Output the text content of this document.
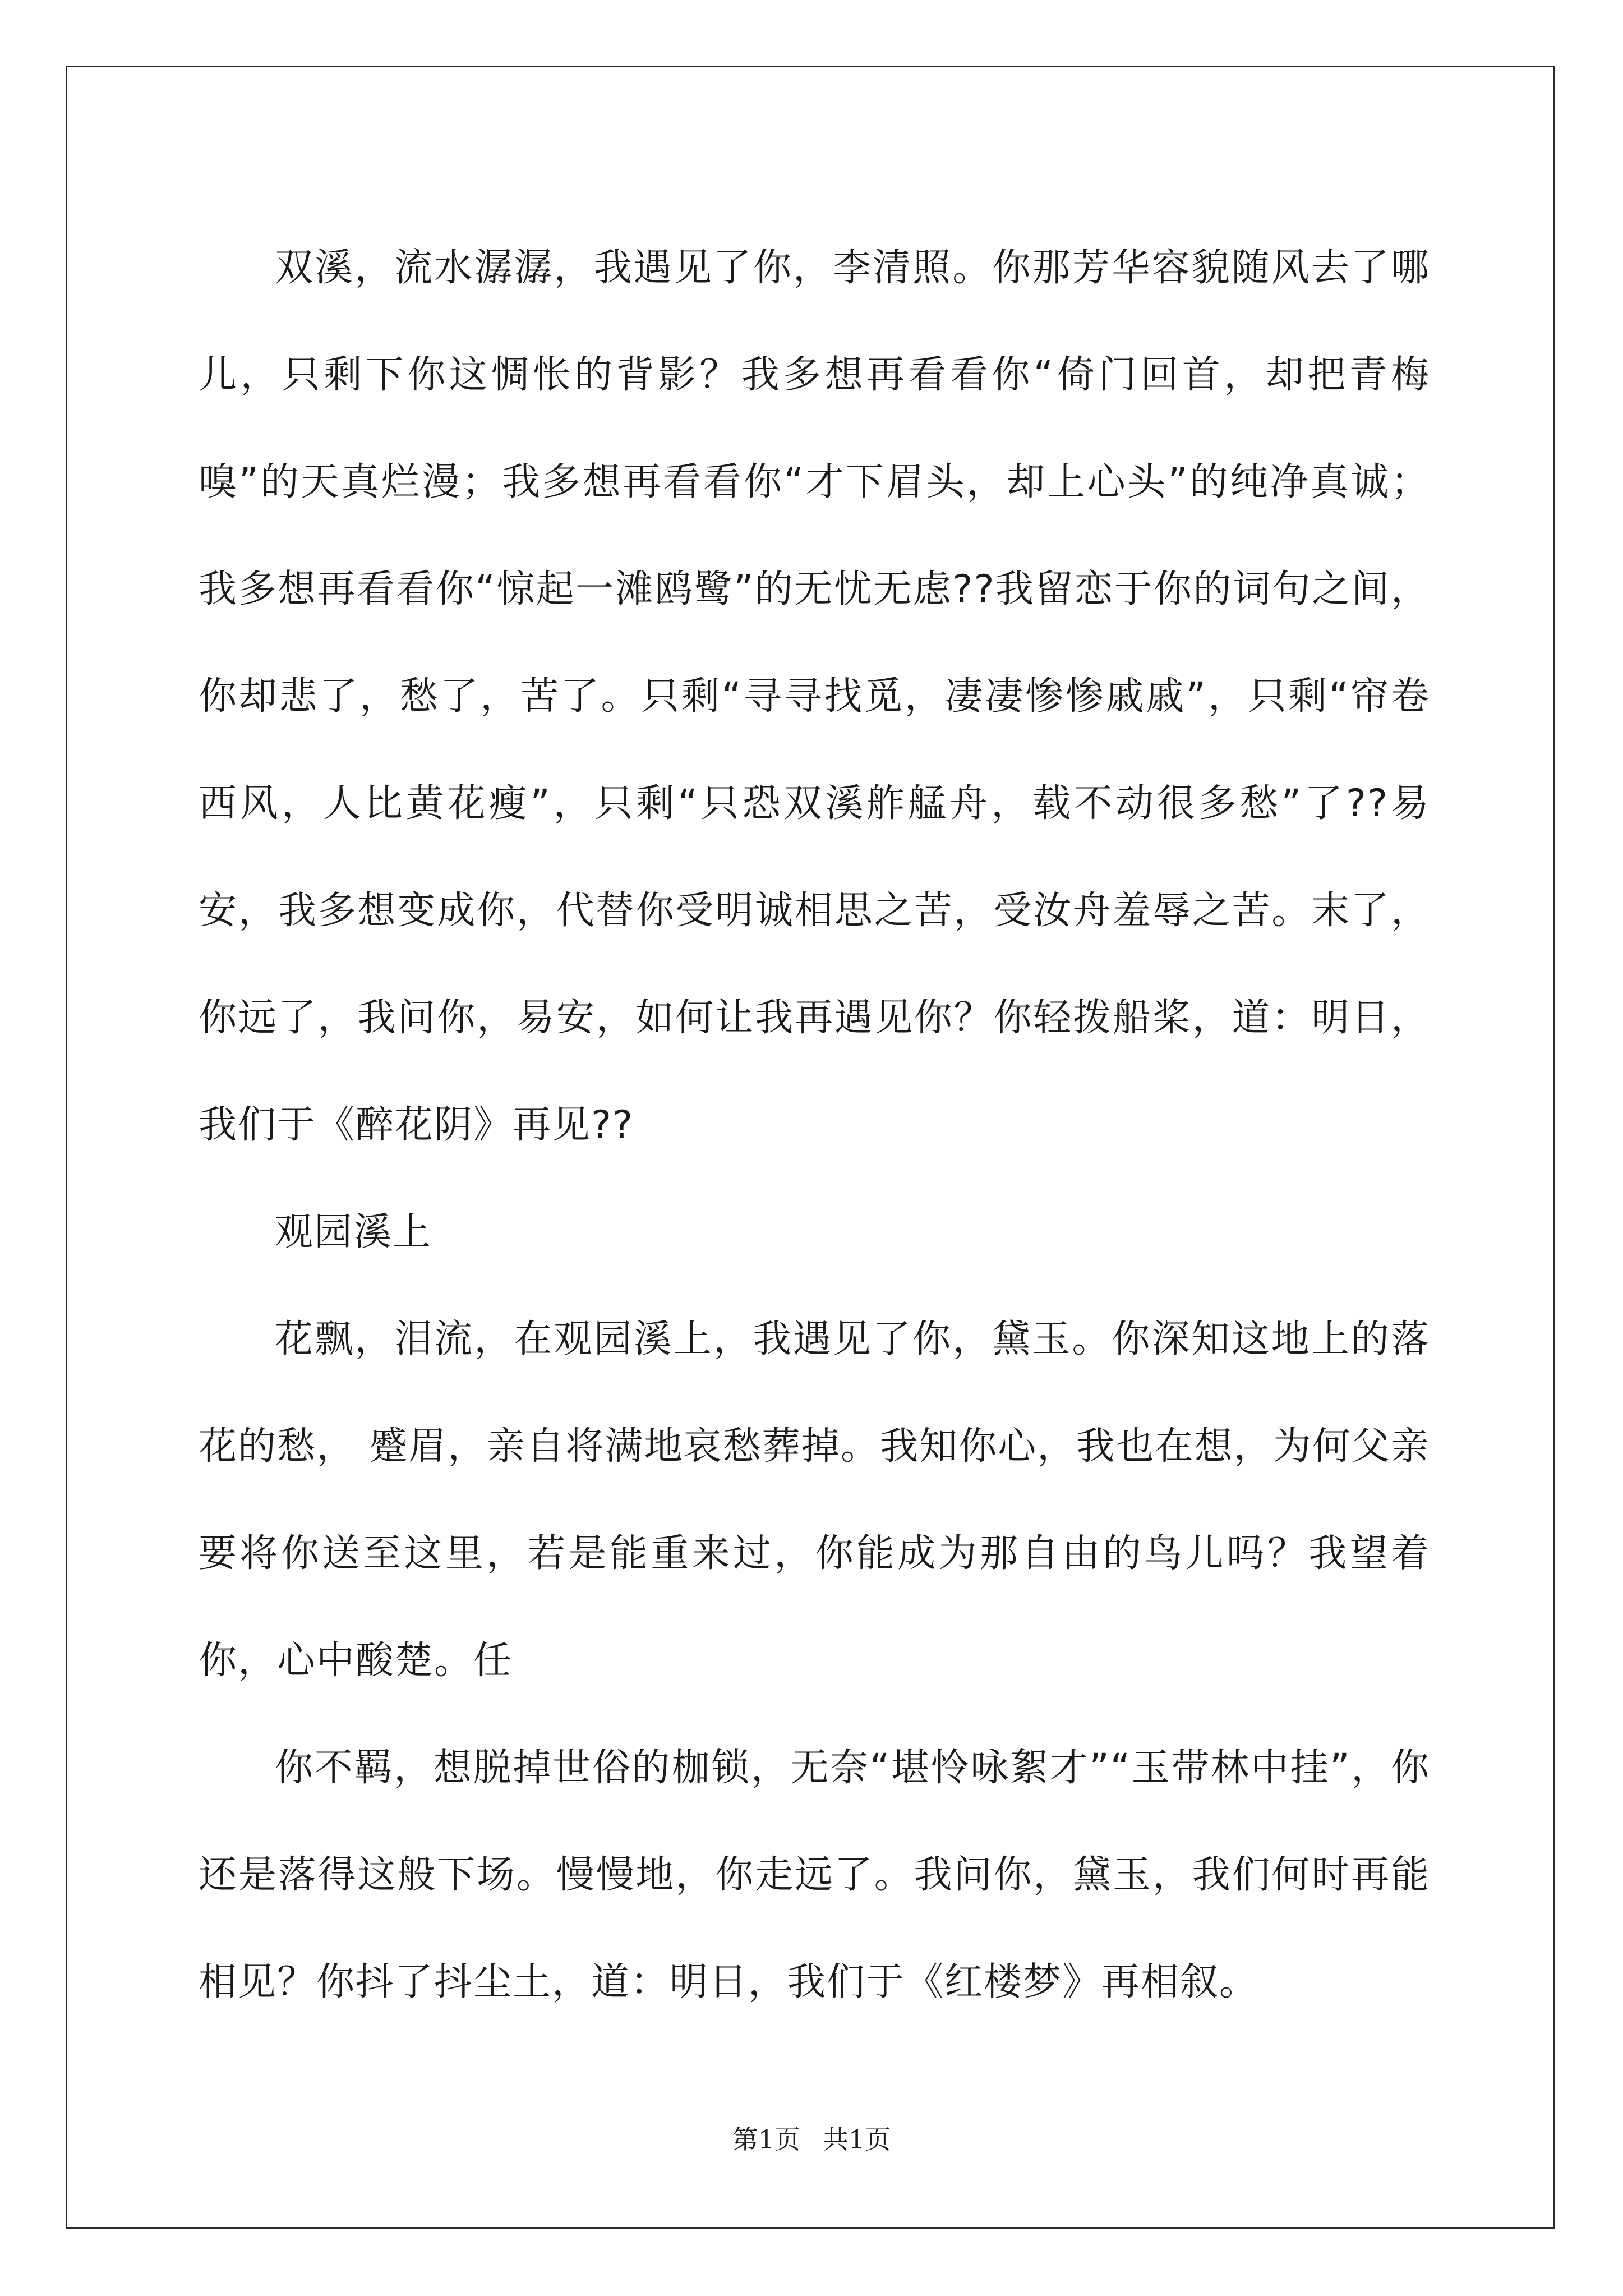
双溪，流水潺潺，我遇见了你，李清照。你那芳华容貌随风去了哪儿，只剩下你这惆怅的背影？我多想再看看你“倚门回首，却把青梅嗅”的天真烂漫；我多想再看看你“才下眉头，却上心头”的纯净真诚；我多想再看看你“惊起一滩鸥鹭”的无忧无虑??我留恋于你的词句之间，你却悲了，愁了，苦了。只剩“寻寻找觅，凄凄惨惨戚戚”，只剩“帘卷西风，人比黄花瘦”，只剩“只恐双溪舴艋舟，载不动很多愁”了??易安，我多想变成你，代替你受明诚相思之苦，受汝舟羞辱之苦。末了，你远了，我问你，易安，如何让我再遇见你？你轻拨船桨，道：明日，我们于《醉花阴》再见??

观园溪上

花飘，泪流，在观园溪上，我遇见了你，黛玉。你深知这地上的落花的愁， 蹙眉，亲自将满地哀愁葬掉。我知你心，我也在想，为何父亲要将你送至这里，若是能重来过，你能成为那自由的鸟儿吗？我望着你，心中酸楚。任

你不羁，想脱掉世俗的枷锁，无奈“堪怜咏絮才”“玉带林中挂”，你还是落得这般下场。慢慢地，你走远了。我问你，黛玉，我们何时再能相见？你抖了抖尘土，道：明日，我们于《红楼梦》再相叙。

第1页 共1页
